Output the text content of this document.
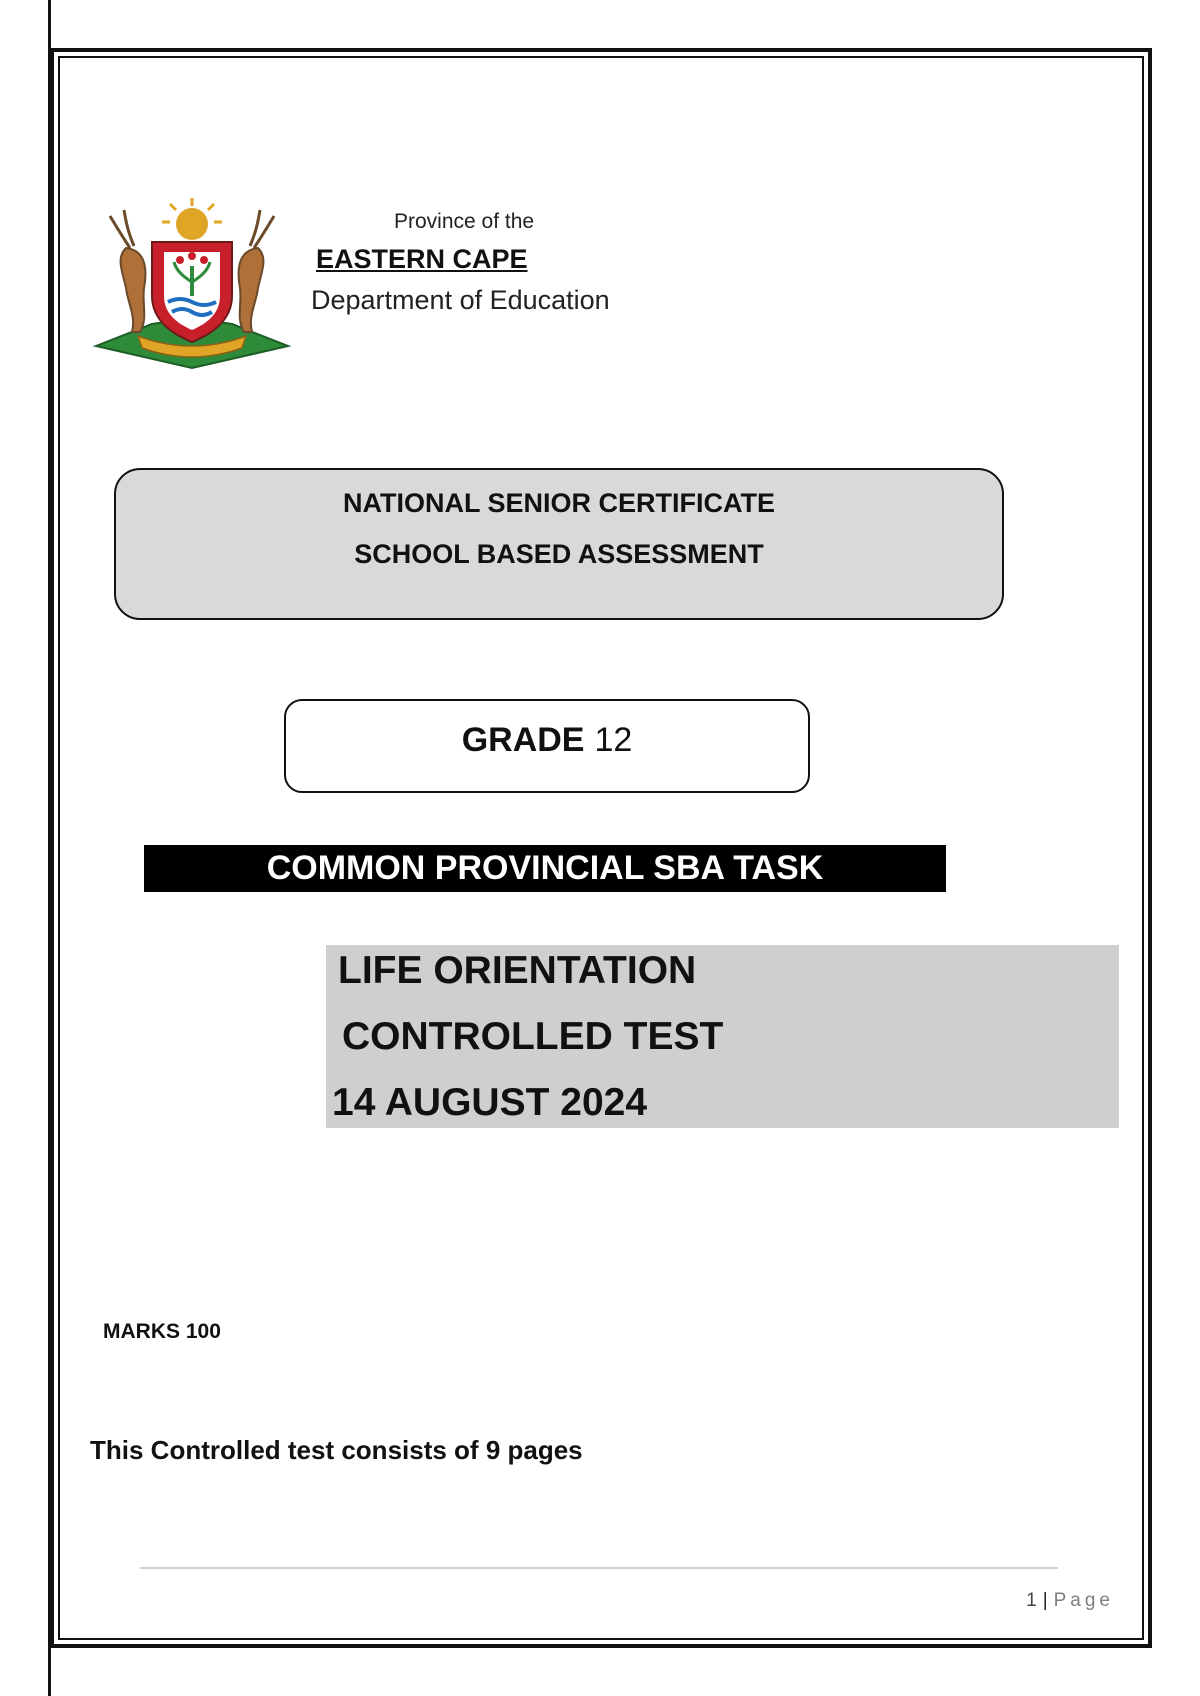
Province of the
EASTERN CAPE
Department of Education
NATIONAL SENIOR CERTIFICATE
SCHOOL BASED ASSESSMENT
GRADE 12
COMMON PROVINCIAL SBA TASK
LIFE ORIENTATION
CONTROLLED TEST
14 AUGUST 2024
MARKS 100
This Controlled test consists of 9 pages
1 | Page
